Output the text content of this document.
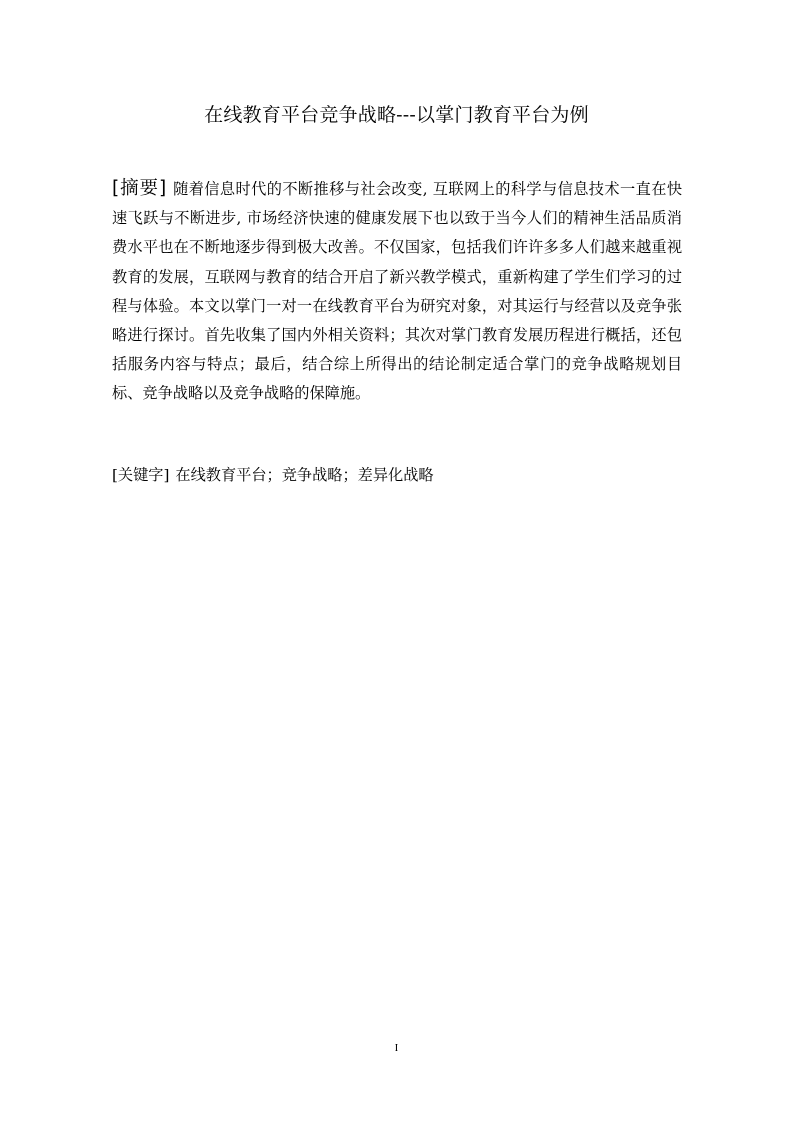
在线教育平台竞争战略---以掌门教育平台为例
[摘要] 随着信息时代的不断推移与社会改变, 互联网上的科学与信息技术一直在快速飞跃与不断进步, 市场经济快速的健康发展下也以致于当今人们的精神生活品质消费水平也在不断地逐步得到极大改善。不仅国家，包括我们许许多多人们越来越重视教育的发展，互联网与教育的结合开启了新兴教学模式，重新构建了学生们学习的过程与体验。本文以掌门一对一在线教育平台为研究对象，对其运行与经营以及竞争张略进行探讨。首先收集了国内外相关资料；其次对掌门教育发展历程进行概括，还包括服务内容与特点；最后，结合综上所得出的结论制定适合掌门的竞争战略规划目标、竞争战略以及竞争战略的保障施。
[关键字] 在线教育平台；竞争战略；差异化战略
I
